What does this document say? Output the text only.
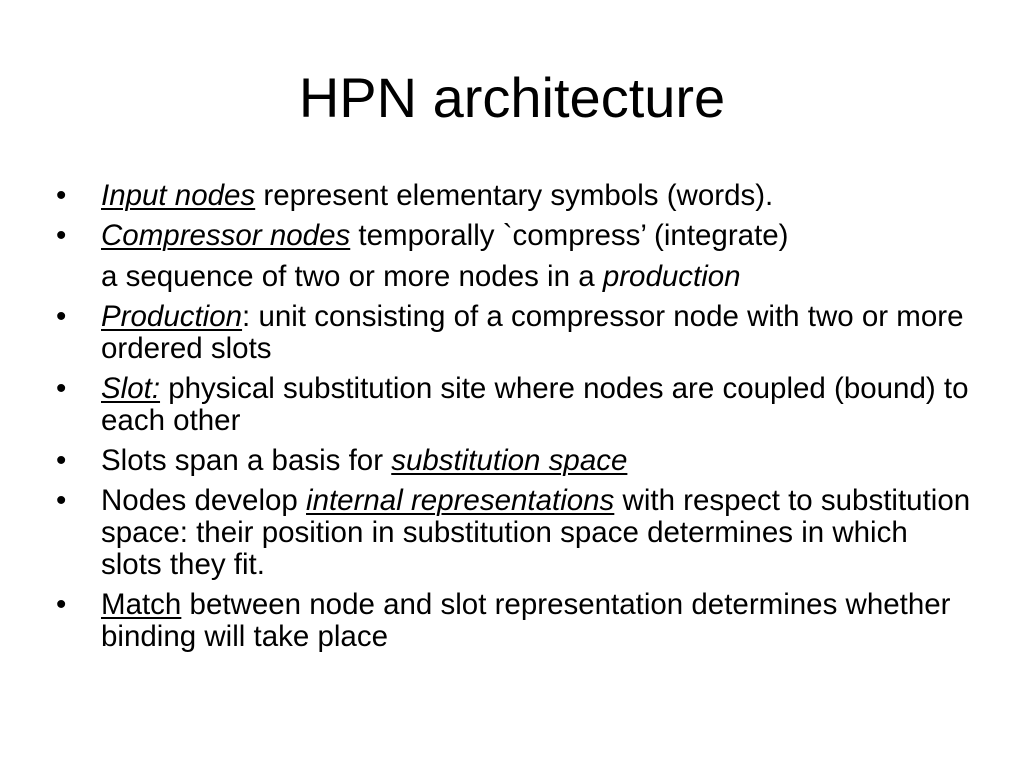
HPN architecture
•	Input nodes represent elementary symbols (words).
•	Compressor nodes temporally `compress’ (integrate)
a sequence of two or more nodes in a production
•	Production: unit consisting of a compressor node with two or more ordered slots
•	Slot: physical substitution site where nodes are coupled (bound) to each other
•	Slots span a basis for substitution space
•	Nodes develop internal representations with respect to substitution space: their position in substitution space determines in which slots they fit.
•	Match between node and slot representation determines whether binding will take place
